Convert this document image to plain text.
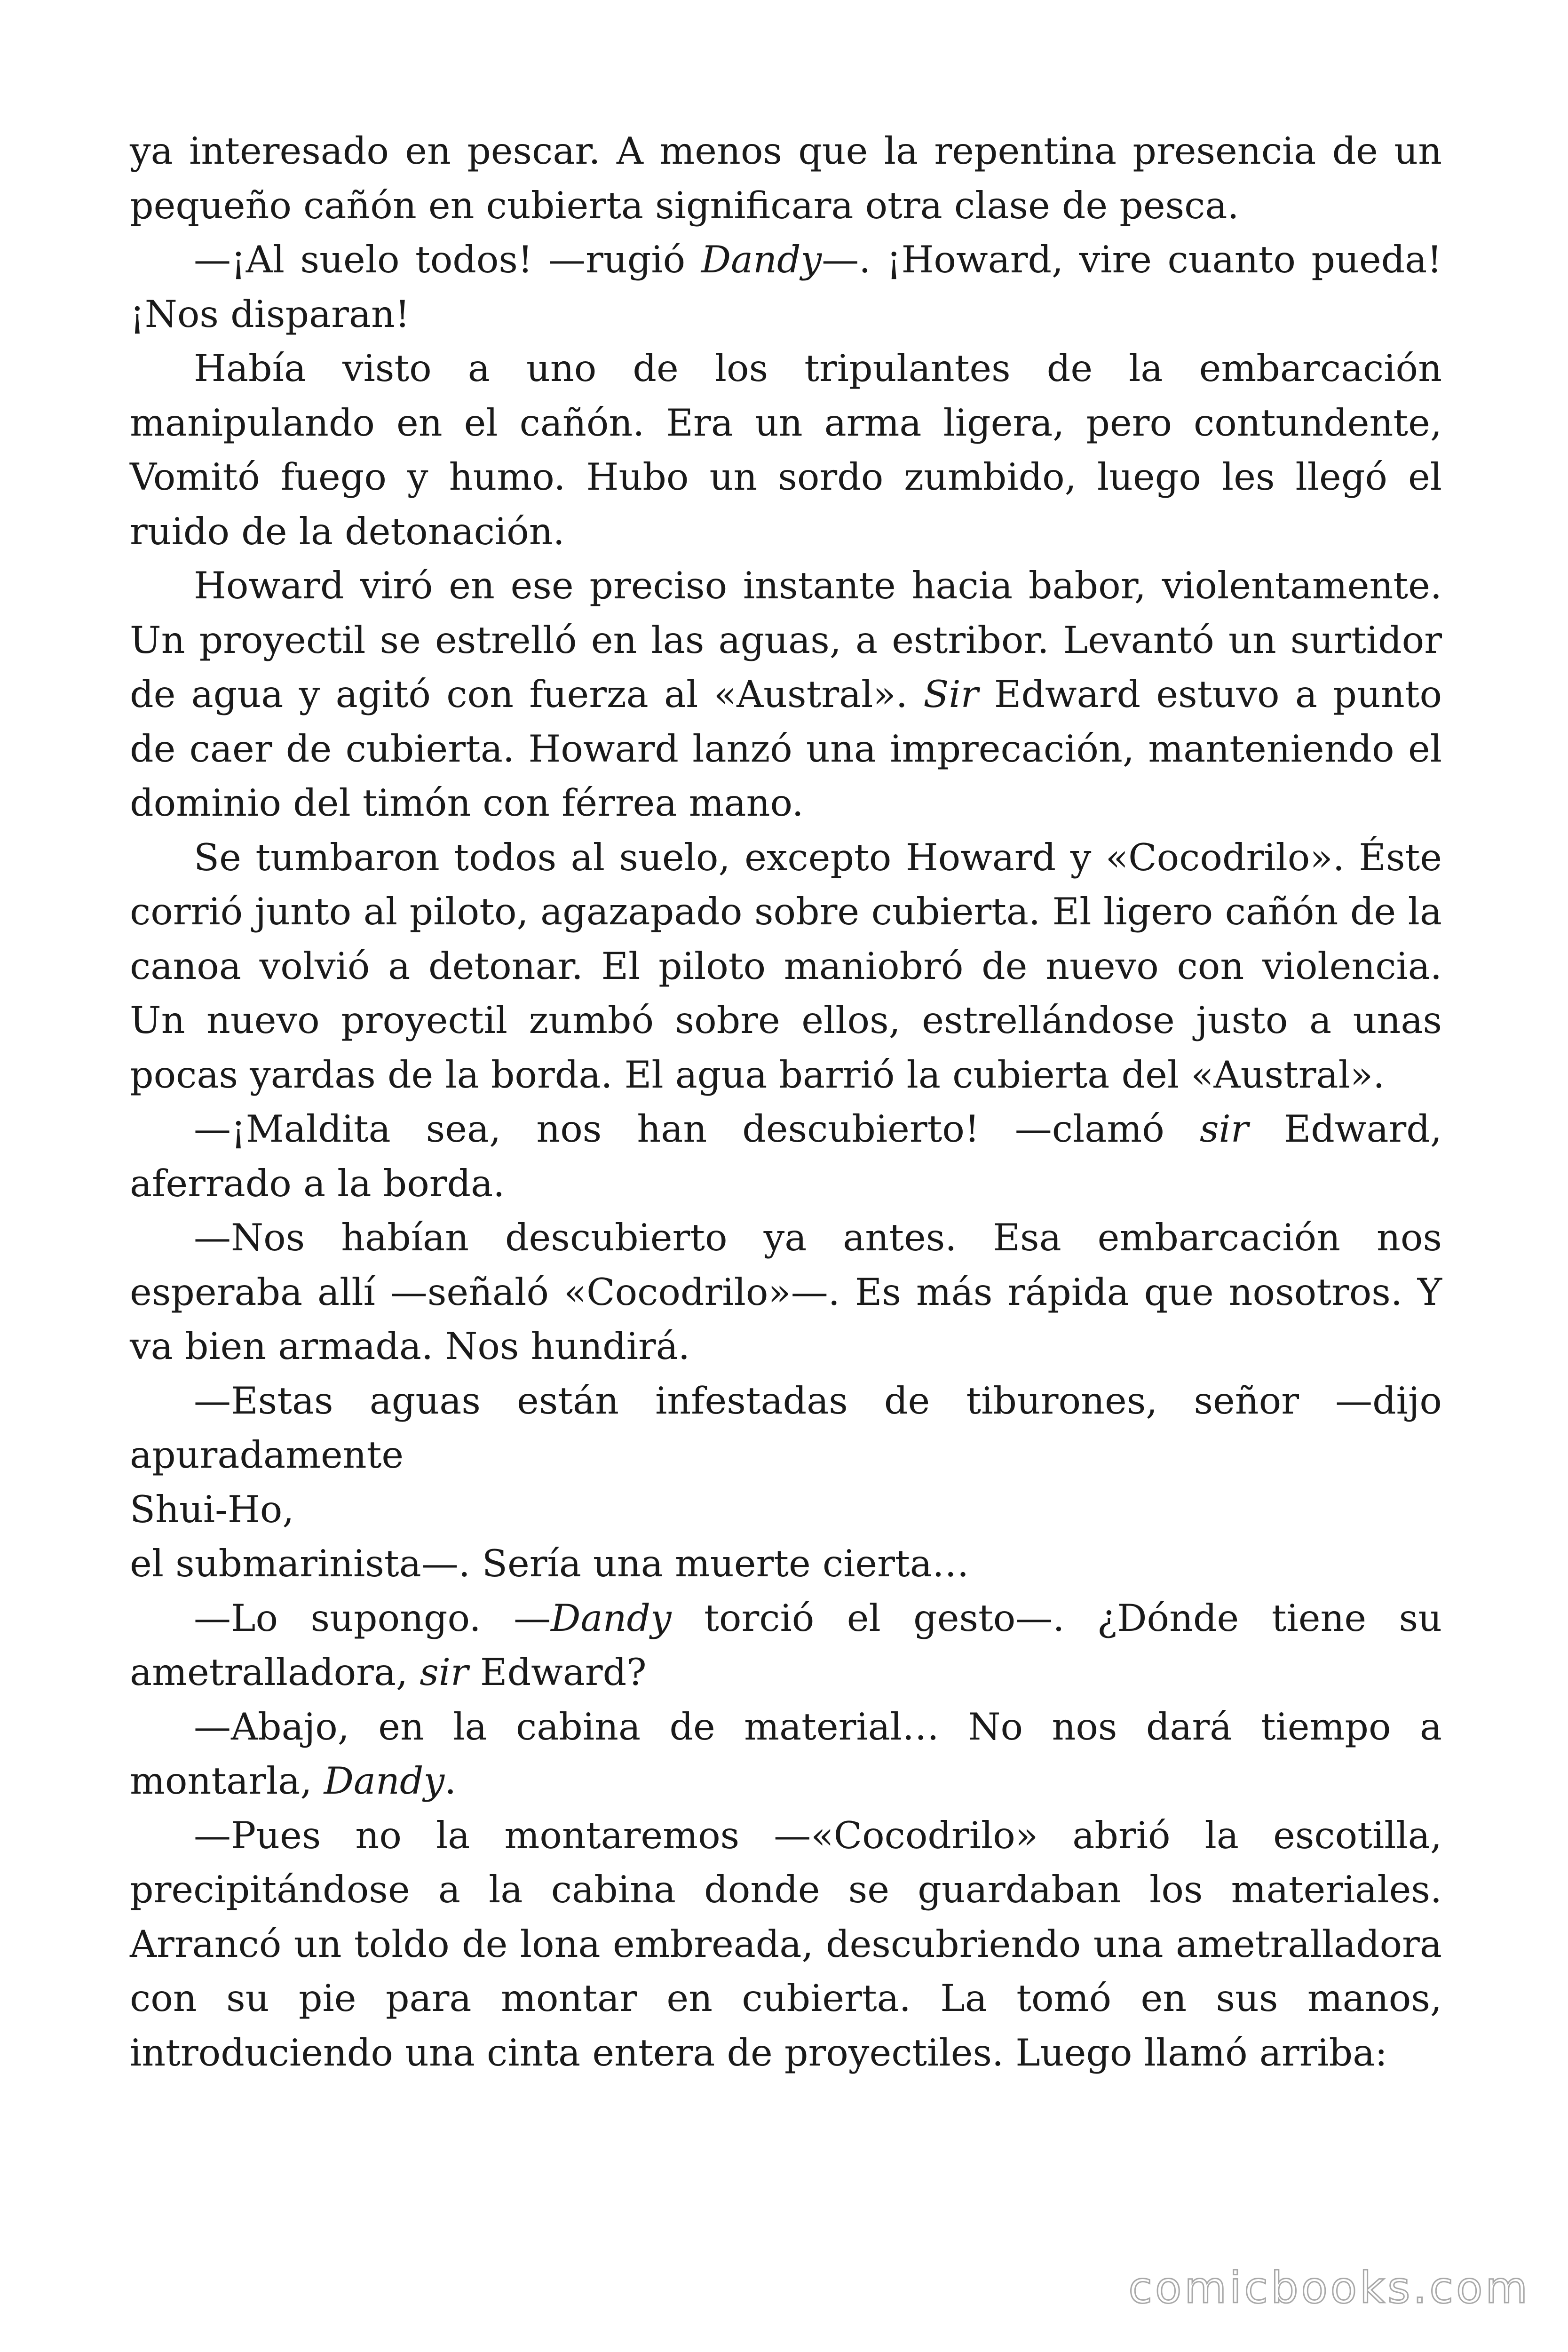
ya interesado en pescar. A menos que la repentina presencia de un pequeño cañón en cubierta significara otra clase de pesca.

—¡Al suelo todos! —rugió Dandy—. ¡Howard, vire cuanto pueda! ¡Nos disparan!

Había visto a uno de los tripulantes de la embarcación manipulando en el cañón. Era un arma ligera, pero contundente, Vomitó fuego y humo. Hubo un sordo zumbido, luego les llegó el ruido de la detonación.

Howard viró en ese preciso instante hacia babor, violentamente. Un proyectil se estrelló en las aguas, a estribor. Levantó un surtidor de agua y agitó con fuerza al «Austral». Sir Edward estuvo a punto de caer de cubierta. Howard lanzó una imprecación, manteniendo el dominio del timón con férrea mano.

Se tumbaron todos al suelo, excepto Howard y «Cocodrilo». Éste corrió junto al piloto, agazapado sobre cubierta. El ligero cañón de la canoa volvió a detonar. El piloto maniobró de nuevo con violencia. Un nuevo proyectil zumbó sobre ellos, estrellándose justo a unas pocas yardas de la borda. El agua barrió la cubierta del «Austral».

—¡Maldita sea, nos han descubierto! —clamó sir Edward, aferrado a la borda.

—Nos habían descubierto ya antes. Esa embarcación nos esperaba allí —señaló «Cocodrilo»—. Es más rápida que nosotros. Y va bien armada. Nos hundirá.

—Estas aguas están infestadas de tiburones, señor —dijo apuradamente

Shui-Ho,

el submarinista—. Sería una muerte cierta…

—Lo supongo. —Dandy torció el gesto—. ¿Dónde tiene su ametralladora, sir Edward?

—Abajo, en la cabina de material… No nos dará tiempo a montarla, Dandy.

—Pues no la montaremos —«Cocodrilo» abrió la escotilla, precipitándose a la cabina donde se guardaban los materiales. Arrancó un toldo de lona embreada, descubriendo una ametralladora con su pie para montar en cubierta. La tomó en sus manos, introduciendo una cinta entera de proyectiles. Luego llamó arriba:

comicbooks.com
